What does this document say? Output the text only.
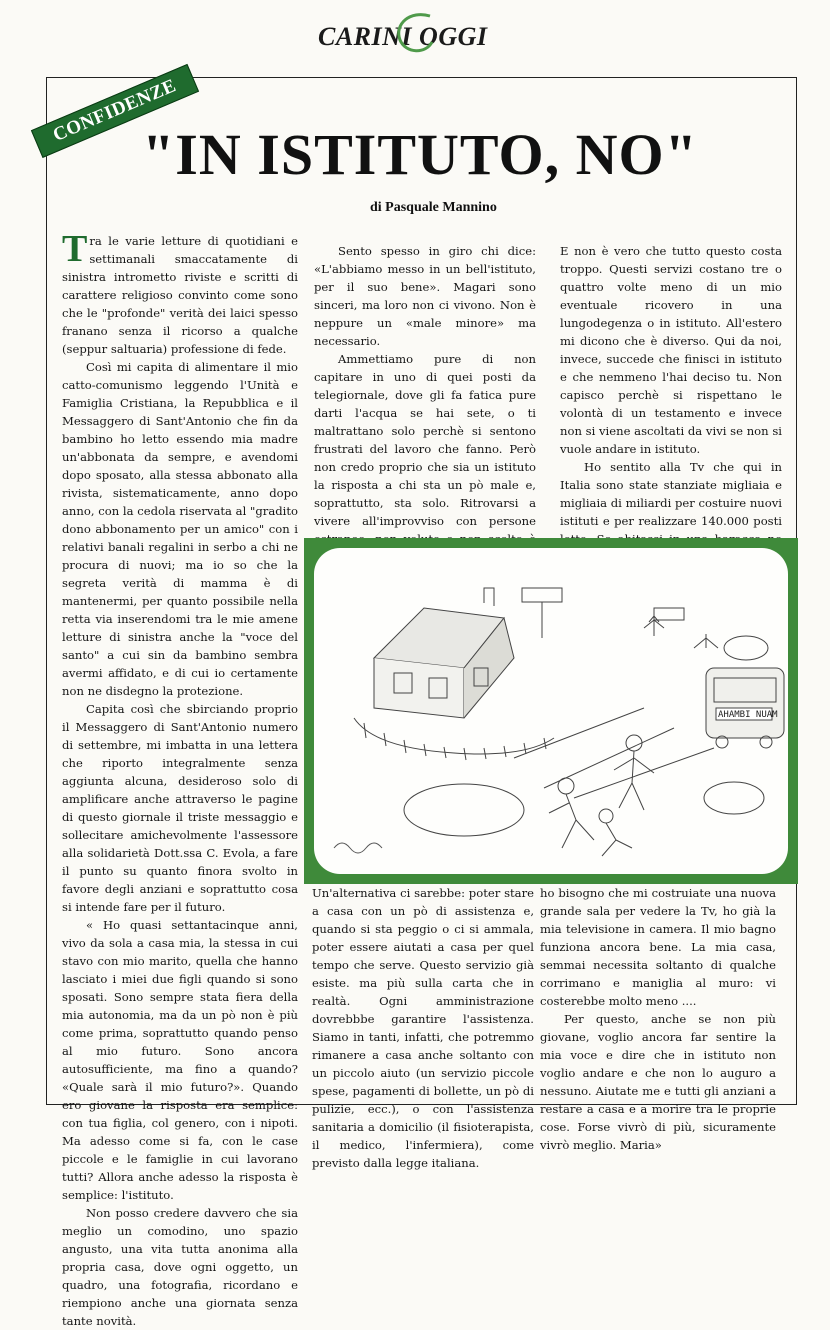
CARINI OGGI
CONFIDENZE
"IN ISTITUTO, NO"
di Pasquale Mannino

Tra le varie letture di quotidiani e settimanali smaccatamente di sinistra intrometto riviste e scritti di carattere religioso convinto come sono che le "profonde" verità dei laici spesso franano senza il ricorso a qualche (seppur saltuaria) professione di fede.

Così mi capita di alimentare il mio catto-comunismo leggendo l'Unità e Famiglia Cristiana, la Repubblica e il Messaggero di Sant'Antonio che fin da bambino ho letto essendo mia madre un'abbonata da sempre, e avendomi dopo sposato, alla stessa abbonato alla rivista, sistematicamente, anno dopo anno, con la cedola riservata al "gradito dono abbonamento per un amico" con i relativi banali regalini in serbo a chi ne procura di nuovi; ma io so che la segreta verità di mamma è di mantenermi, per quanto possibile nella retta via inserendomi tra le mie amene letture di sinistra anche la "voce del santo" a cui sin da bambino sembra avermi affidato, e di cui io certamente non ne disdegno la protezione.

Capita così che sbirciando proprio il Messaggero di Sant'Antonio numero di settembre, mi imbatta in una lettera che riporto integralmente senza aggiunta alcuna, desideroso solo di amplificare anche attraverso le pagine di questo giornale il triste messaggio e sollecitare amichevolmente l'assessore alla solidarietà Dott.ssa C. Evola, a fare il punto su quanto finora svolto in favore degli anziani e soprattutto cosa si intende fare per il futuro.

« Ho quasi settantacinque anni, vivo da sola a casa mia, la stessa in cui stavo con mio marito, quella che hanno lasciato i miei due figli quando si sono sposati. Sono sempre stata fiera della mia autonomia, ma da un pò non è più come prima, soprattutto quando penso al mio futuro. Sono ancora autosufficiente, ma fino a quando? «Quale sarà il mio futuro?». Quando ero giovane la risposta era semplice: con tua figlia, col genero, con i nipoti. Ma adesso come si fa, con le case piccole e le famiglie in cui lavorano tutti? Allora anche adesso la risposta è semplice: l'istituto.

Non posso credere davvero che sia meglio un comodino, uno spazio angusto, una vita tutta anonima alla propria casa, dove ogni oggetto, un quadro, una fotografia, ricordano e riempiono anche una giornata senza tante novità.

Sento spesso in giro chi dice: «L'abbiamo messo in un bell'istituto, per il suo bene». Magari sono sinceri, ma loro non ci vivono. Non è neppure un «male minore» ma necessario.

Ammettiamo pure di non capitare in uno di quei posti da telegiornale, dove gli fa fatica pure darti l'acqua se hai sete, o ti maltrattano solo perchè si sentono frustrati del lavoro che fanno. Però non credo proprio che sia un istituto la risposta a chi sta un pò male e, soprattutto, sta solo. Ritrovarsi a vivere all'improvviso con persone

E non è vero che tutto questo costa troppo. Questi servizi costano tre o quattro volte meno di un mio eventuale ricovero in una lungodegenza o in istituto. All'estero mi dicono che è diverso. Qui da noi, invece, succede che finisci in istituto e che nemmeno l'hai deciso tu. Non capisco perchè si rispettano le volontà di un testamento e invece non si viene ascoltati da vivi se non si vuole andare in istituto.

Ho sentito alla Tv che qui in Italia sono state stanziate migliaia e migliaia di miliardi per costuire nuovi istituti e per realizzare 140.000 posti

AHAMBI NUAM

Un'alternativa ci sarebbe: poter stare a casa con un pò di assistenza e, quando si sta peggio o ci si ammala, poter essere aiutati a casa per quel tempo che serve. Questo servizio già esiste. ma più sulla carta che in realtà. Ogni amministrazione dovrebbbe garantire l'assistenza. Siamo in tanti, infatti, che potremmo rimanere a casa anche soltanto con un piccolo aiuto (un servizio piccole spese, pagamenti di bollette, un pò di pulizie, ecc.), o con l'assistenza sanitaria a domicilio (il fisioterapista, il medico, l'infermiera), come previsto dalla legge italiana.

ho bisogno che mi costruiate una nuova grande sala per vedere la Tv, ho già la mia televisione in camera. Il mio bagno funziona ancora bene. La mia casa, semmai necessita soltanto di qualche corrimano e maniglia al muro: vi costerebbe molto meno ....

Per questo, anche se non più giovane, voglio ancora far sentire la mia voce e dire che in istituto non voglio andare e che non lo auguro a nessuno. Aiutate me e tutti gli anziani a restare a casa e a morire tra le proprie cose. Forse vivrò di più, sicuramente vivrò meglio. Maria»
